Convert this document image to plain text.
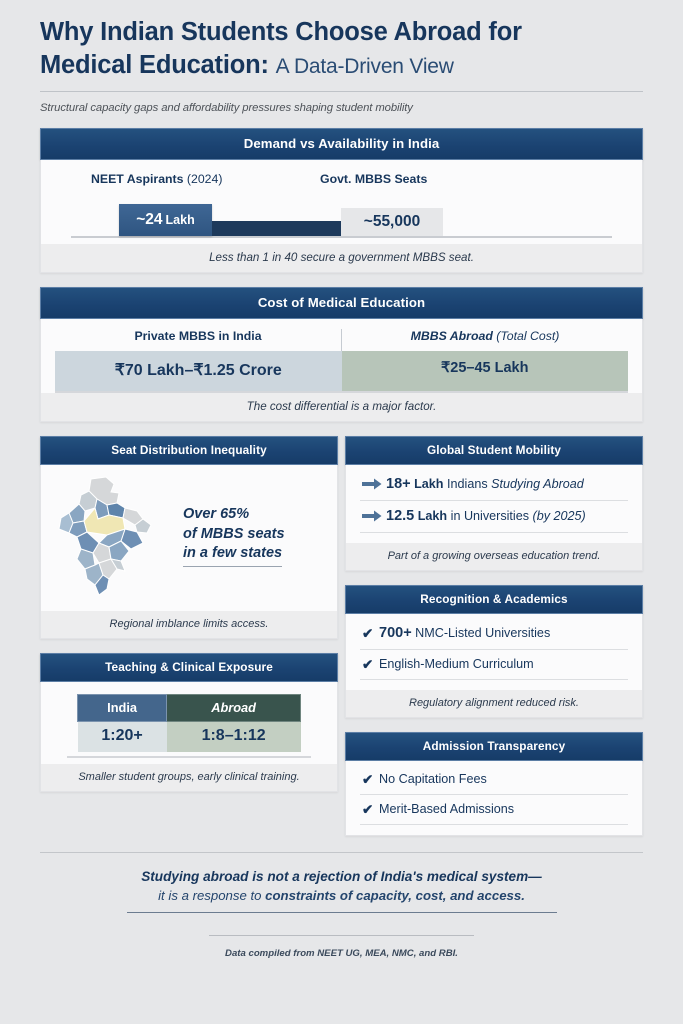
Why Indian Students Choose Abroad for
Medical Education: A Data-Driven View
Structural capacity gaps and affordability pressures shaping student mobility
Demand vs Availability in India
NEET Aspirants (2024)	Govt. MBBS Seats
~24 Lakh	~55,000
Less than 1 in 40 secure a government MBBS seat.
Cost of Medical Education
Private MBBS in India	MBBS Abroad (Total Cost)
₹70 Lakh–₹1.25 Crore	₹25–45 Lakh
The cost differential is a major factor.
Seat Distribution Inequality
Over 65%
of MBBS seats
in a few states
Regional imblance limits access.
Teaching & Clinical Exposure
India	Abroad
1:20+	1:8–1:12
Smaller student groups, early clinical training.
Global Student Mobility
18+ Lakh Indians Studying Abroad
12.5 Lakh in Universities (by 2025)
Part of a growing overseas education trend.
Recognition & Academics
✔ 700+ NMC-Listed Universities
✔ English-Medium Curriculum
Regulatory alignment reduced risk.
Admission Transparency
✔ No Capitation Fees
✔ Merit-Based Admissions
Studying abroad is not a rejection of India's medical system—
it is a response to constraints of capacity, cost, and access.
Data compiled from NEET UG, MEA, NMC, and RBI.
